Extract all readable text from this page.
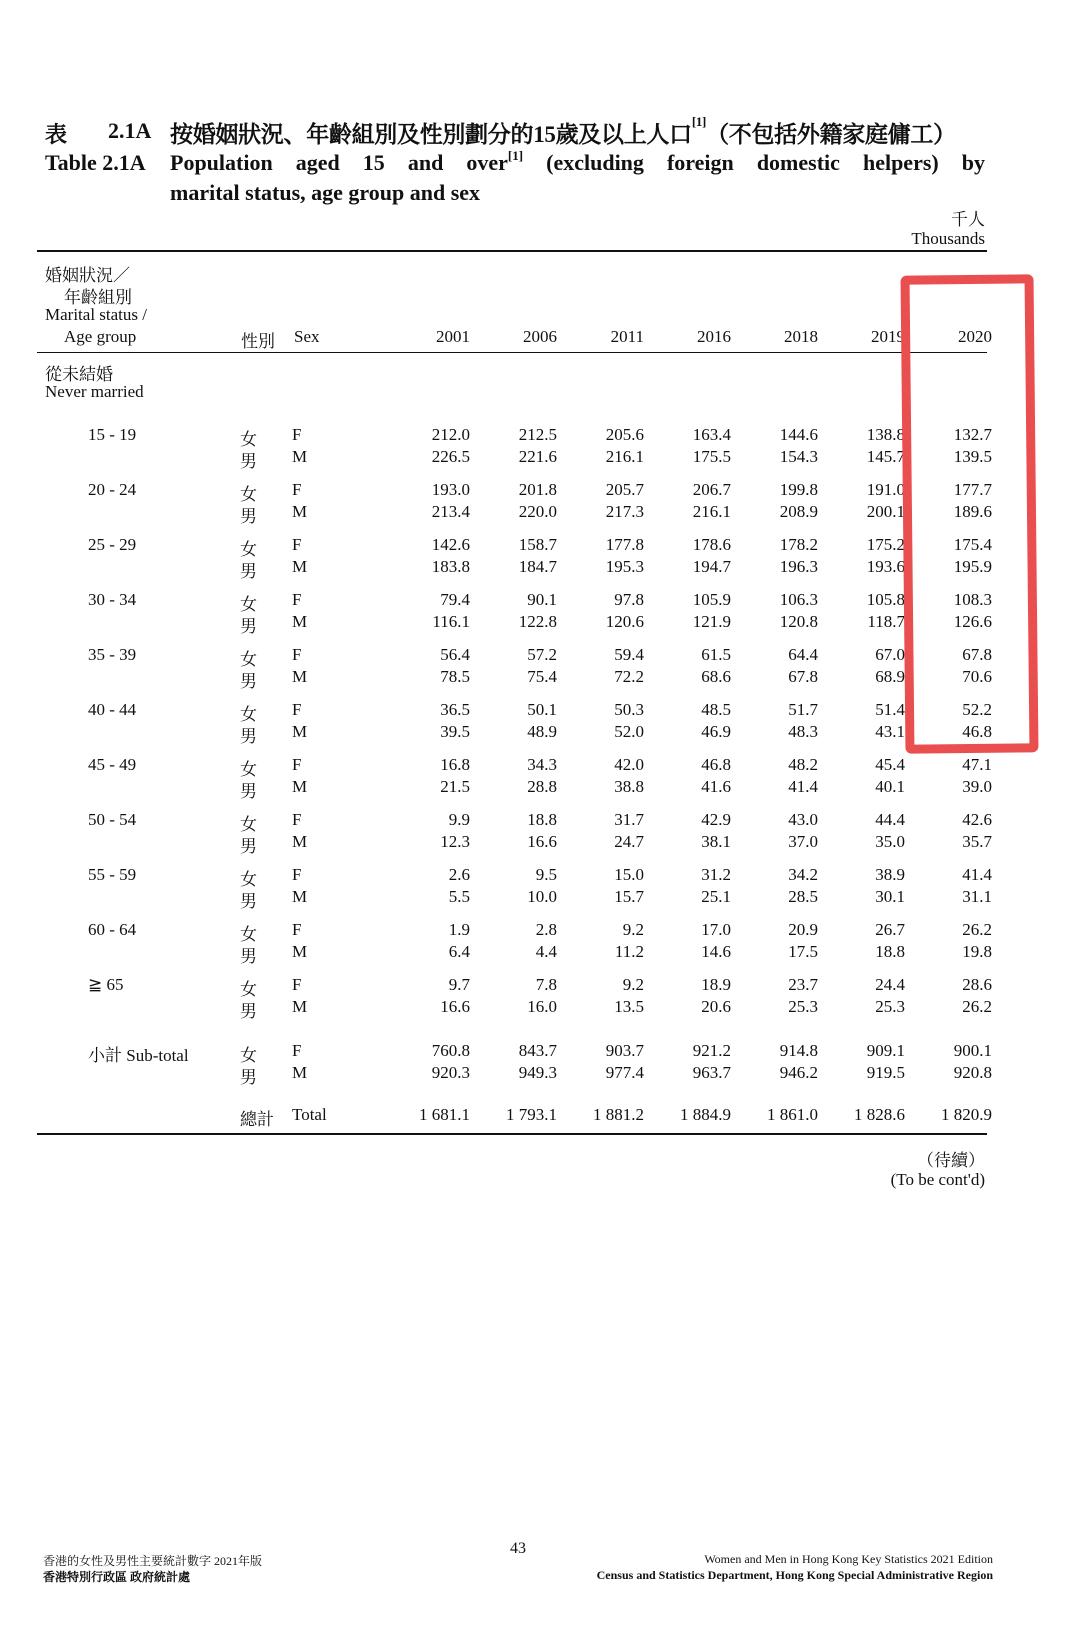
表 2.1A 按婚姻狀況、年齡組別及性別劃分的15歲及以上人口[1]（不包括外籍家庭傭工）
Table 2.1A Population aged 15 and over[1] (excluding foreign domestic helpers) by
marital status, age group and sex
千人
Thousands
婚姻狀況／
年齡組別
Marital status /
Age group	性別 Sex	2001	2006	2011	2016	2018	2019	2020
從未結婚
Never married
15 - 19	女 F	212.0	212.5	205.6	163.4	144.6	138.8	132.7
男 M	226.5	221.6	216.1	175.5	154.3	145.7	139.5
20 - 24	女 F	193.0	201.8	205.7	206.7	199.8	191.0	177.7
男 M	213.4	220.0	217.3	216.1	208.9	200.1	189.6
25 - 29	女 F	142.6	158.7	177.8	178.6	178.2	175.2	175.4
男 M	183.8	184.7	195.3	194.7	196.3	193.6	195.9
30 - 34	女 F	79.4	90.1	97.8	105.9	106.3	105.8	108.3
男 M	116.1	122.8	120.6	121.9	120.8	118.7	126.6
35 - 39	女 F	56.4	57.2	59.4	61.5	64.4	67.0	67.8
男 M	78.5	75.4	72.2	68.6	67.8	68.9	70.6
40 - 44	女 F	36.5	50.1	50.3	48.5	51.7	51.4	52.2
男 M	39.5	48.9	52.0	46.9	48.3	43.1	46.8
45 - 49	女 F	16.8	34.3	42.0	46.8	48.2	45.4	47.1
男 M	21.5	28.8	38.8	41.6	41.4	40.1	39.0
50 - 54	女 F	9.9	18.8	31.7	42.9	43.0	44.4	42.6
男 M	12.3	16.6	24.7	38.1	37.0	35.0	35.7
55 - 59	女 F	2.6	9.5	15.0	31.2	34.2	38.9	41.4
男 M	5.5	10.0	15.7	25.1	28.5	30.1	31.1
60 - 64	女 F	1.9	2.8	9.2	17.0	20.9	26.7	26.2
男 M	6.4	4.4	11.2	14.6	17.5	18.8	19.8
≧ 65	女 F	9.7	7.8	9.2	18.9	23.7	24.4	28.6
男 M	16.6	16.0	13.5	20.6	25.3	25.3	26.2
小計 Sub-total	女 F	760.8	843.7	903.7	921.2	914.8	909.1	900.1
男 M	920.3	949.3	977.4	963.7	946.2	919.5	920.8
總計 Total	1 681.1	1 793.1	1 881.2	1 884.9	1 861.0	1 828.6	1 820.9
（待續）
(To be cont'd)
香港的女性及男性主要統計數字 2021年版
香港特別行政區 政府統計處
43
Women and Men in Hong Kong Key Statistics 2021 Edition
Census and Statistics Department, Hong Kong Special Administrative Region
